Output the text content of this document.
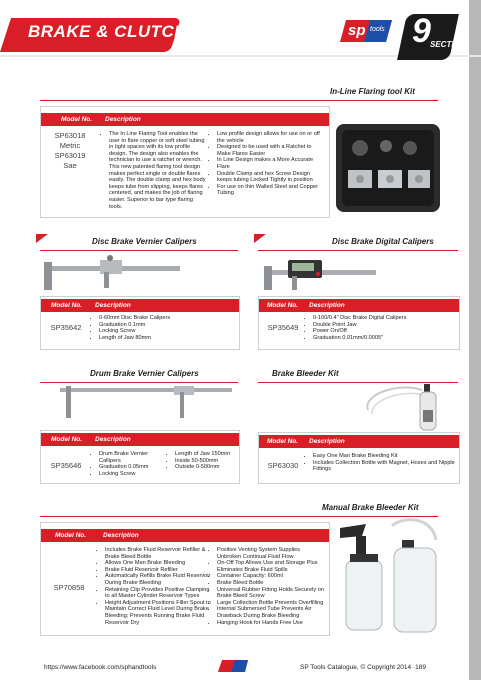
BRAKE & CLUTCH	sp tools 9 SECTION
In-Line Flaring tool Kit
Model No. Description
SP63018
Metric
SP63019
Sae
• The In Line Flaring Tool enables the user to flare copper or soft steel tubing in tight spaces with its low profile design. The design also enables the technician to use a ratchet or wrench. This new patented flaring tool design makes perfect single or double flares easily. The double clamp and hex body keeps tube from slipping, keeps flares centered, and makes the job of flaring easier. Superior to bar type flaring tools.
• Low profile design allows for use on or off the vehicle
• Designed to be used with a Ratchet to Make Flares Easier
• In Line Design makes a More Accurate Flare
• Double Clamp and hex Screw Design keeps tubing Locked Tightly in position
• For use on thin Walled Steel and Copper Tubing
Disc Brake Vernier Calipers
Model No. Description
SP35642
• 0-60mm Disc Brake Calipers
• Graduation 0.1mm
• Locking Screw
• Length of Jaw 80mm
Disc Brake Digital Calipers
Model No. Description
SP35649
• 0-100/0.4" Disc Brake Digital Calipers
• Double Point Jaw
• Power On/Off
• Graduation 0.01mm/0.0005"
Drum Brake Vernier Calipers
Model No. Description
SP35646
• Drum Brake Vernier Callipers
• Graduation 0.05mm
• Locking Screw
• Length of Jaw 150mm
• Inside 50-500mm
• Outside 0-500mm
Brake Bleeder Kit
Model No. Description
SP63030
• Easy One Man Brake Bleeding Kit
• Includes Collection Bottle with Magnet, Hoses and Nipple Fittings
Manual Brake Bleeder Kit
Model No.	Description
SP70858
• Includes Brake Fluid Reservoir Refiller & Brake Bleed Bottle
• Allows One Man Brake Bleeding
• Brake Fluid Reservoir Refiller
• Automatically Refills Brake Fluid Reservoir During Brake Bleeding
• Retaining Clip Provides Positive Clamping to all Master Cylinder Reservoir Types
• Height Adjustment Positions Filler Spout to Maintain Correct Fluid Level During Brake Bleeding; Prevents Running Brake Fluid Reservoir Dry
• Positive Venting System Supplies Unbroken Continual Fluid Flow
• On-Off Top Allows Use and Storage Plus Eliminates Brake Fluid Spills
• Container Capacity: 600ml
• Brake Bleed Bottle
• Universal Rubber Fitting Holds Securely on Brake Bleed Screw
• Large Collection Bottle Prevents Overfilling
• Internal Submersed Tube Prevents Air Drawback During Brake Bleeding
• Hanging Hook for Hands Free Use
https://www.facebook.com/sphandtools	SP Tools Catalogue, © Copyright 2014 ·189
